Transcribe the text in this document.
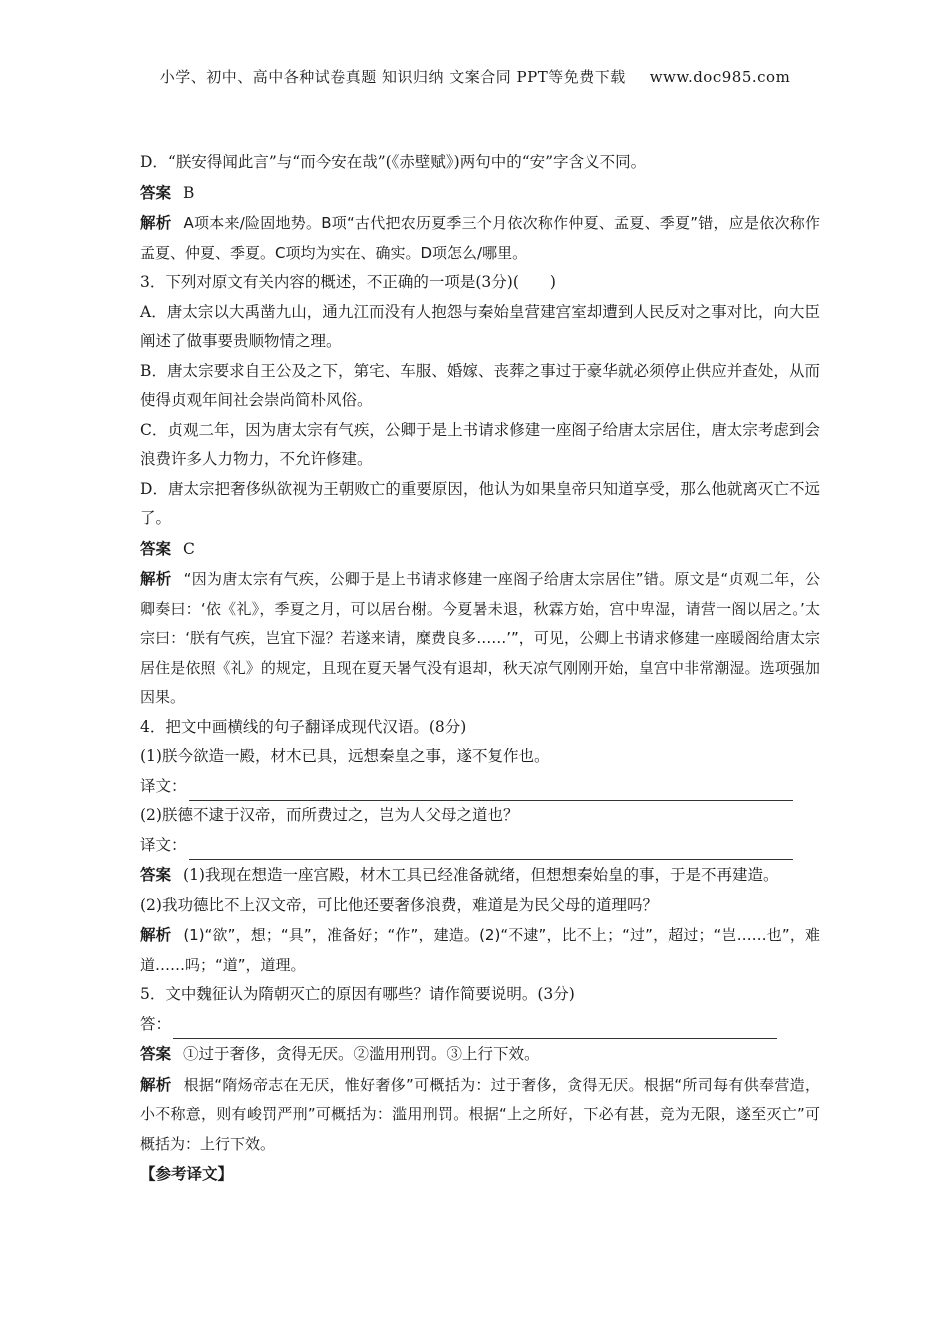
小学、初中、高中各种试卷真题 知识归纳 文案合同 PPT等免费下载 www.doc985.com

D．“朕安得闻此言”与“而今安在哉”(《赤壁赋》)两句中的“安”字含义不同。

答案 B

解析 A项本来/险固地势。B项“古代把农历夏季三个月依次称作仲夏、孟夏、季夏”错，应是依次称作孟夏、仲夏、季夏。C项均为实在、确实。D项怎么/哪里。

3．下列对原文有关内容的概述，不正确的一项是(3分)(　　)

A．唐太宗以大禹凿九山，通九江而没有人抱怨与秦始皇营建宫室却遭到人民反对之事对比，向大臣阐述了做事要贵顺物情之理。

B．唐太宗要求自王公及之下，第宅、车服、婚嫁、丧葬之事过于豪华就必须停止供应并查处，从而使得贞观年间社会崇尚简朴风俗。

C．贞观二年，因为唐太宗有气疾，公卿于是上书请求修建一座阁子给唐太宗居住，唐太宗考虑到会浪费许多人力物力，不允许修建。

D．唐太宗把奢侈纵欲视为王朝败亡的重要原因，他认为如果皇帝只知道享受，那么他就离灭亡不远了。

答案 C

解析 “因为唐太宗有气疾，公卿于是上书请求修建一座阁子给唐太宗居住”错。原文是“贞观二年，公卿奏曰：‘依《礼》，季夏之月，可以居台榭。今夏暑未退，秋霖方始，宫中卑湿，请营一阁以居之。’太宗曰：‘朕有气疾，岂宜下湿？若遂来请，糜费良多……’”，可见，公卿上书请求修建一座暖阁给唐太宗居住是依照《礼》的规定，且现在夏天暑气没有退却，秋天凉气刚刚开始，皇宫中非常潮湿。选项强加因果。

4．把文中画横线的句子翻译成现代汉语。(8分)

(1)朕今欲造一殿，材木已具，远想秦皇之事，遂不复作也。

译文：

(2)朕德不逮于汉帝，而所费过之，岂为人父母之道也？

译文：

答案 (1)我现在想造一座宫殿，材木工具已经准备就绪，但想想秦始皇的事，于是不再建造。

(2)我功德比不上汉文帝，可比他还要奢侈浪费，难道是为民父母的道理吗？

解析 (1)“欲”，想；“具”，准备好；“作”，建造。(2)“不逮”，比不上；“过”，超过；“岂……也”，难道……吗；“道”，道理。

5．文中魏征认为隋朝灭亡的原因有哪些？请作简要说明。(3分)

答：

答案 ①过于奢侈，贪得无厌。②滥用刑罚。③上行下效。

解析 根据“隋炀帝志在无厌，惟好奢侈”可概括为：过于奢侈，贪得无厌。根据“所司每有供奉营造，小不称意，则有峻罚严刑”可概括为：滥用刑罚。根据“上之所好，下必有甚，竞为无限，遂至灭亡”可概括为：上行下效。

【参考译文】
